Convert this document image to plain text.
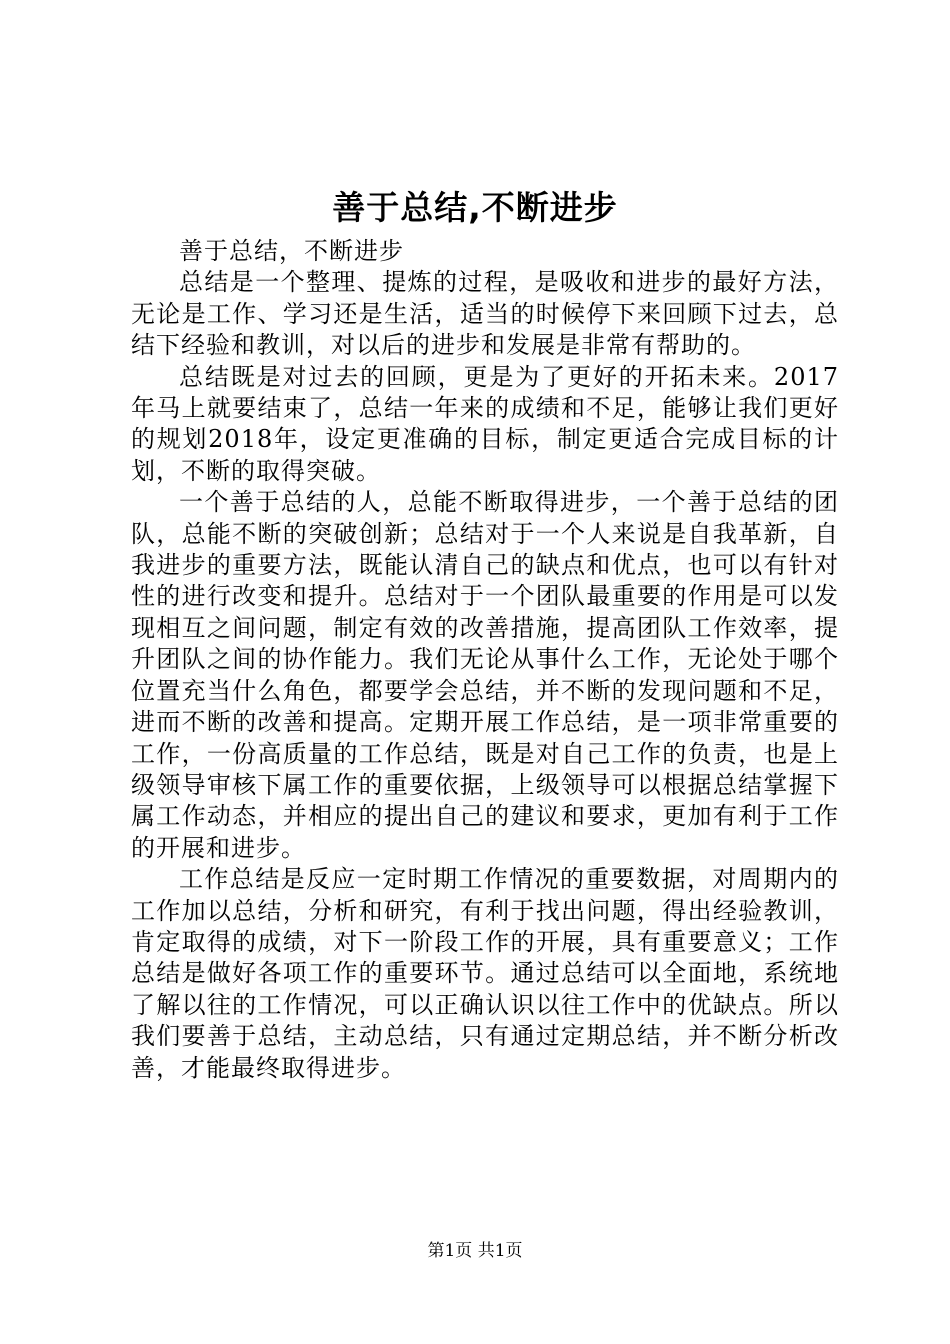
善于总结,不断进步

善于总结，不断进步

总结是一个整理、提炼的过程，是吸收和进步的最好方法，无论是工作、学习还是生活，适当的时候停下来回顾下过去，总结下经验和教训，对以后的进步和发展是非常有帮助的。

总结既是对过去的回顾，更是为了更好的开拓未来。2017年马上就要结束了，总结一年来的成绩和不足，能够让我们更好的规划2018年，设定更准确的目标，制定更适合完成目标的计划，不断的取得突破。

一个善于总结的人，总能不断取得进步，一个善于总结的团队，总能不断的突破创新；总结对于一个人来说是自我革新，自我进步的重要方法，既能认清自己的缺点和优点，也可以有针对性的进行改变和提升。总结对于一个团队最重要的作用是可以发现相互之间问题，制定有效的改善措施，提高团队工作效率，提升团队之间的协作能力。我们无论从事什么工作，无论处于哪个位置充当什么角色，都要学会总结，并不断的发现问题和不足，进而不断的改善和提高。定期开展工作总结，是一项非常重要的工作，一份高质量的工作总结，既是对自己工作的负责，也是上级领导审核下属工作的重要依据，上级领导可以根据总结掌握下属工作动态，并相应的提出自己的建议和要求，更加有利于工作的开展和进步。

工作总结是反应一定时期工作情况的重要数据，对周期内的工作加以总结，分析和研究，有利于找出问题，得出经验教训，肯定取得的成绩，对下一阶段工作的开展，具有重要意义；工作总结是做好各项工作的重要环节。通过总结可以全面地，系统地了解以往的工作情况，可以正确认识以往工作中的优缺点。所以我们要善于总结，主动总结，只有通过定期总结，并不断分析改善，才能最终取得进步。

第1页 共1页
